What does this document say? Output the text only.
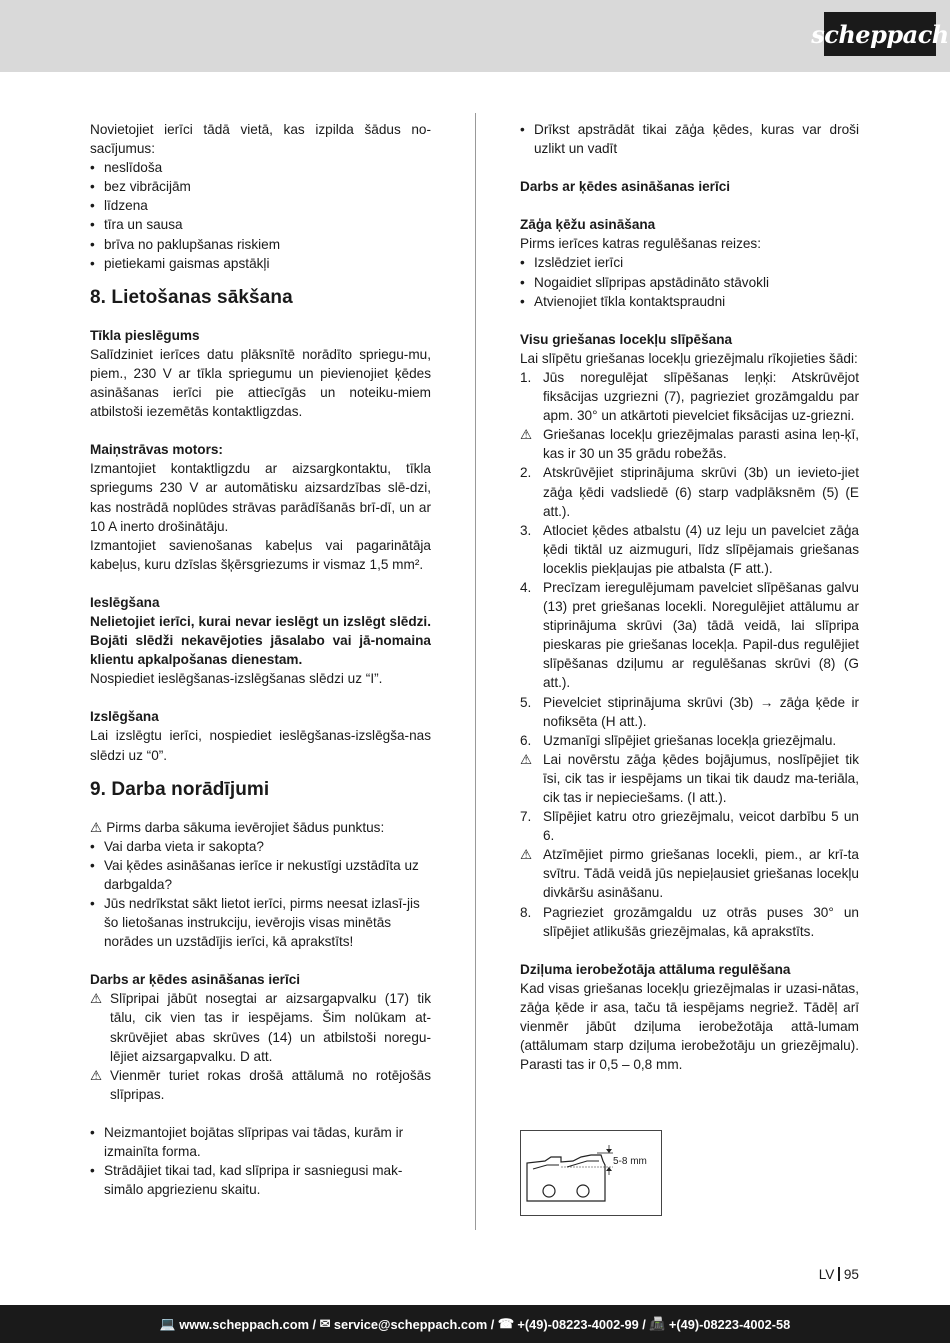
scheppach

Novietojiet ierīci tādā vietā, kas izpilda šādus no-sacījumus:

• neslīdoša
• bez vibrācijām
• līdzena
• tīra un sausa
• brīva no paklupšanas riskiem
• pietiekami gaismas apstākļi
8. Lietošanas sākšana

Tīkla pieslēgums

Salīdziniet ierīces datu plāksnītē norādīto spriegu-mu, piem., 230 V ar tīkla spriegumu un pievienojiet ķēdes asināšanas ierīci pie attiecīgās un noteiku-miem atbilstoši iezemētās kontaktligzdas.

Maiņstrāvas motors:

Izmantojiet kontaktligzdu ar aizsargkontaktu, tīkla spriegums 230 V ar automātisku aizsardzības slē-dzi, kas nostrādā noplūdes strāvas parādīšanās brī-dī, un ar 10 A inerto drošinātāju.

Izmantojiet savienošanas kabeļus vai pagarinātāja kabeļus, kuru dzīslas šķērsgriezums ir vismaz 1,5 mm².

Ieslēgšana

Nelietojiet ierīci, kurai nevar ieslēgt un izslēgt slēdzi. Bojāti slēdži nekavējoties jāsalabo vai jā-nomaina klientu apkalpošanas dienestam.

Nospiediet ieslēgšanas-izslēgšanas slēdzi uz “I”.

Izslēgšana

Lai izslēgtu ierīci, nospiediet ieslēgšanas-izslēgša-nas slēdzi uz “0”.

9. Darba norādījumi

⚠ Pirms darba sākuma ievērojiet šādus punktus:

• Vai darba vieta ir sakopta?
• Vai ķēdes asināšanas ierīce ir nekustīgi uzstādīta uz darbgalda?
• Jūs nedrīkstat sākt lietot ierīci, pirms neesat izlasī-jis šo lietošanas instrukciju, ievērojis visas minētās norādes un uzstādījis ierīci, kā aprakstīts!

Darbs ar ķēdes asināšanas ierīci

⚠ Slīpripai jābūt nosegtai ar aizsargapvalku (17) tik tālu, cik vien tas ir iespējams. Šim nolūkam at-skrūvējiet abas skrūves (14) un atbilstoši noregu-lējiet aizsargapvalku. D att.
⚠ Vienmēr turiet rokas drošā attālumā no rotējošās slīpripas.
• Neizmantojiet bojātas slīpripas vai tādas, kurām ir izmainīta forma.
• Strādājiet tikai tad, kad slīpripa ir sasniegusi mak-simālo apgriezienu skaitu.
• Drīkst apstrādāt tikai zāģa ķēdes, kuras var droši uzlikt un vadīt

Darbs ar ķēdes asināšanas ierīci

Zāģa ķēžu asināšana

Pirms ierīces katras regulēšanas reizes:

• Izslēdziet ierīci
• Nogaidiet slīpripas apstādināto stāvokli
• Atvienojiet tīkla kontaktspraudni

Visu griešanas locekļu slīpēšana

Lai slīpētu griešanas locekļu griezējmalu rīkojieties šādi:

1. Jūs noregulējat slīpēšanas leņķi: Atskrūvējot fiksācijas uzgriezni (7), pagrieziet grozāmgaldu par apm. 30° un atkārtoti pievelciet fiksācijas uz-griezni.
⚠ Griešanas locekļu griezējmalas parasti asina leņ-ķī, kas ir 30 un 35 grādu robežās.
2. Atskrūvējiet stiprinājuma skrūvi (3b) un ievieto-jiet zāģa ķēdi vadsliedē (6) starp vadplāksnēm (5) (E att.).
3. Atlociet ķēdes atbalstu (4) uz leju un pavelciet zāģa ķēdi tiktāl uz aizmuguri, līdz slīpējamais griešanas loceklis piekļaujas pie atbalsta (F att.).
4. Precīzam ieregulējumam pavelciet slīpēšanas galvu (13) pret griešanas locekli. Noregulējiet attālumu ar stiprinājuma skrūvi (3a) tādā veidā, lai slīpripa pieskaras pie griešanas locekļa. Papil-dus regulējiet slīpēšanas dziļumu ar regulēšanas skrūvi (8) (G att.).
5. Pievelciet stiprinājuma skrūvi (3b) → zāģa ķēde ir nofiksēta (H att.).
6. Uzmanīgi slīpējiet griešanas locekļa griezējmalu.
⚠ Lai novērstu zāģa ķēdes bojājumus, noslīpējiet tik īsi, cik tas ir iespējams un tikai tik daudz ma-teriāla, cik tas ir nepieciešams. (I att.).
7. Slīpējiet katru otro griezējmalu, veicot darbību 5 un 6.
⚠ Atzīmējiet pirmo griešanas locekli, piem., ar krī-ta svītru. Tādā veidā jūs nepieļausiet griešanas locekļu divkāršu asināšanu.
8. Pagrieziet grozāmgaldu uz otrās puses 30° un slīpējiet atlikušās griezējmalas, kā aprakstīts.

Dziļuma ierobežotāja attāluma regulēšana

Kad visas griešanas locekļu griezējmalas ir uzasi-nātas, zāģa ķēde ir asa, taču tā iespējams negriež. Tādēļ arī vienmēr jābūt dziļuma ierobežotāja attā-lumam (attālumam starp dziļuma ierobežotāju un griezējmalu). Parasti tas ir 0,5 – 0,8 mm.

5-8 mm
LV 95
💻 www.scheppach.com / ✉ service@scheppach.com / ☎ +(49)-08223-4002-99 / 📠 +(49)-08223-4002-58
